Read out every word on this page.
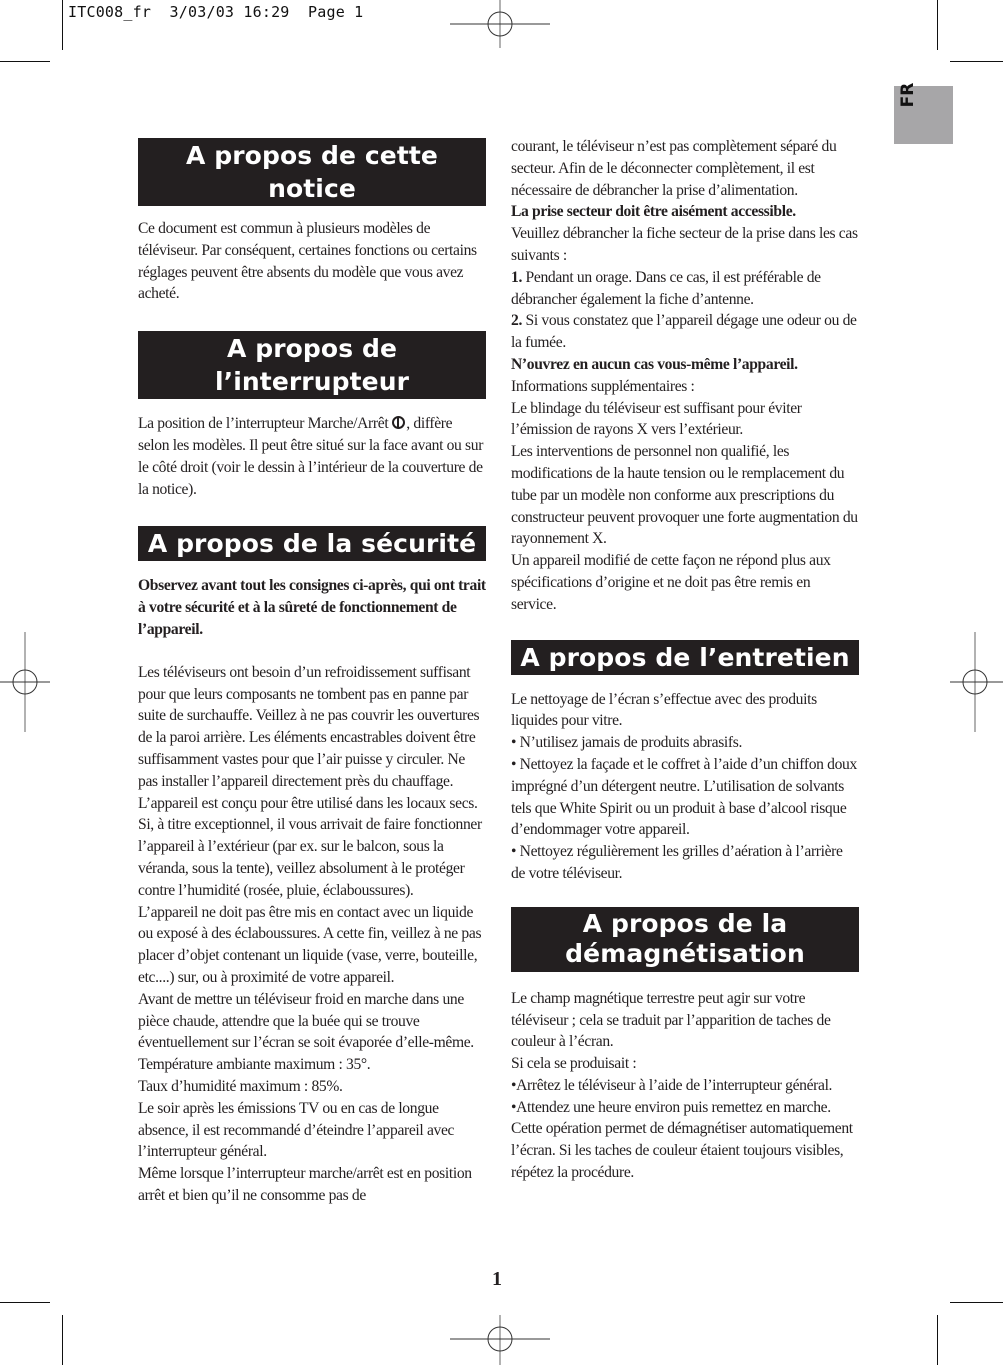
ITC008_fr  3/03/03 16:29  Page 1
FR
A propos de cette notice

Ce document est commun à plusieurs modèles de téléviseur. Par conséquent, certaines fonctions ou certains réglages peuvent être absents du modèle que vous avez acheté.

A propos de l’interrupteur

La position de l’interrupteur Marche/Arrêt , diffère selon les modèles. Il peut être situé sur la face avant ou sur le côté droit (voir le dessin à l’intérieur de la couverture de la notice).

A propos de la sécurité

Observez avant tout les consignes ci-après, qui ont trait à votre sécurité et à la sûreté de fonctionnement de l’appareil.

Les téléviseurs ont besoin d’un refroidissement suffisant pour que leurs composants ne tombent pas en panne par suite de surchauffe. Veillez à ne pas couvrir les ouvertures de la paroi arrière. Les éléments encastrables doivent être suffisamment vastes pour que l’air puisse y circuler. Ne pas installer l’appareil directement près du chauffage.

L’appareil est conçu pour être utilisé dans les locaux secs. Si, à titre exceptionnel, il vous arrivait de faire fonctionner l’appareil à l’extérieur (par ex. sur le balcon, sous la véranda, sous la tente), veillez absolument à le protéger contre l’humidité (rosée, pluie, éclaboussures).

L’appareil ne doit pas être mis en contact avec un liquide ou exposé à des éclaboussures. A cette fin, veillez à ne pas placer d’objet contenant un liquide (vase, verre, bouteille, etc....) sur, ou à proximité de votre appareil.

Avant de mettre un téléviseur froid en marche dans une pièce chaude, attendre que la buée qui se trouve éventuellement sur l’écran se soit évaporée d’elle-même.

Température ambiante maximum : 35°.

Taux d’humidité maximum : 85%.

Le soir après les émissions TV ou en cas de longue absence, il est recommandé d’éteindre l’appareil avec l’interrupteur général.

Même lorsque l’interrupteur marche/arrêt est en position arrêt et bien qu’il ne consomme pas de

courant, le téléviseur n’est pas complètement séparé du secteur. Afin de le déconnecter complètement, il est nécessaire de débrancher la prise d’alimentation.

La prise secteur doit être aisément accessible.

Veuillez débrancher la fiche secteur de la prise dans les cas suivants :

1. Pendant un orage. Dans ce cas, il est préférable de débrancher également la fiche d’antenne.

2. Si vous constatez que l’appareil dégage une odeur ou de la fumée.

N’ouvrez en aucun cas vous-même l’appareil.

Informations supplémentaires :

Le blindage du téléviseur est suffisant pour éviter l’émission de rayons X vers l’extérieur.

Les interventions de personnel non qualifié, les modifications de la haute tension ou le remplacement du tube par un modèle non conforme aux prescriptions du constructeur peuvent provoquer une forte augmentation du rayonnement X.

Un appareil modifié de cette façon ne répond plus aux spécifications d’origine et ne doit pas être remis en service.

A propos de l’entretien

Le nettoyage de l’écran s’effectue avec des produits liquides pour vitre.

• N’utilisez jamais de produits abrasifs.

• Nettoyez la façade et le coffret à l’aide d’un chiffon doux imprégné d’un détergent neutre. L’utilisation de solvants tels que White Spirit ou un produit à base d’alcool risque d’endommager votre appareil.

• Nettoyez régulièrement les grilles d’aération à l’arrière de votre téléviseur.

A propos de la
démagnétisation

Le champ magnétique terrestre peut agir sur votre téléviseur ; cela se traduit par l’apparition de taches de couleur à l’écran.

Si cela se produisait :

•Arrêtez le téléviseur à l’aide de l’interrupteur général.

•Attendez une heure environ puis remettez en marche.

Cette opération permet de démagnétiser automatiquement l’écran. Si les taches de couleur étaient toujours visibles, répétez la procédure.

1
